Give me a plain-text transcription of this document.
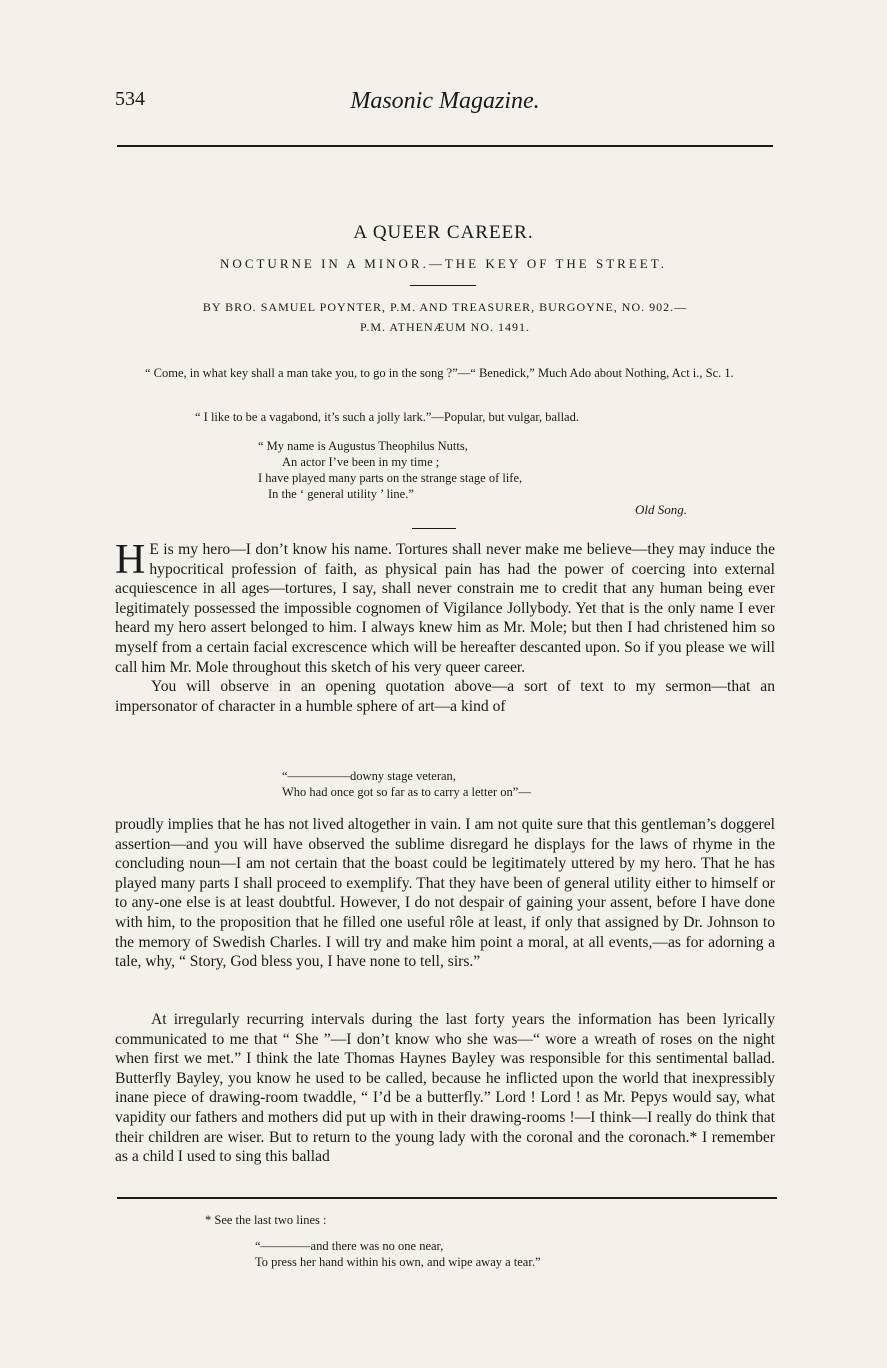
534	Masonic Magazine.
A QUEER CAREER.
NOCTURNE IN A MINOR.—THE KEY OF THE STREET.
BY BRO. SAMUEL POYNTER, P.M. AND TREASURER, BURGOYNE, NO. 902.—
P.M. ATHENÆUM NO. 1491.
“ Come, in what key shall a man take you, to go in the song ?”—“ Benedick,” Much Ado about Nothing, Act i., Sc. 1.
“ I like to be a vagabond, it’s such a jolly lark.”—Popular, but vulgar, ballad.
“ My name is Augustus Theophilus Nutts,
An actor I’ve been in my time ;
I have played many parts on the strange stage of life,
In the ‘ general utility ’ line.”
Old Song.
H E is my hero—I don’t know his name. Tortures shall never make me believe—they may induce the hypocritical profession of faith, as physical pain has had the power of coercing into external acquiescence in all ages—tortures, I say, shall never constrain me to credit that any human being ever legitimately possessed the impossible cognomen of Vigilance Jollybody. Yet that is the only name I ever heard my hero assert belonged to him. I always knew him as Mr. Mole; but then I had christened him so myself from a certain facial excrescence which will be hereafter descanted upon. So if you please we will call him Mr. Mole throughout this sketch of his very queer career.
You will observe in an opening quotation above—a sort of text to my sermon—that an impersonator of character in a humble sphere of art—a kind of
“—————downy stage veteran,
Who had once got so far as to carry a letter on”—
proudly implies that he has not lived altogether in vain. I am not quite sure that this gentleman’s doggerel assertion—and you will have observed the sublime disregard he displays for the laws of rhyme in the concluding noun—I am not certain that the boast could be legitimately uttered by my hero. That he has played many parts I shall proceed to exemplify. That they have been of general utility either to himself or to any-one else is at least doubtful. However, I do not despair of gaining your assent, before I have done with him, to the proposition that he filled one useful rôle at least, if only that assigned by Dr. Johnson to the memory of Swedish Charles. I will try and make him point a moral, at all events,—as for adorning a tale, why, “ Story, God bless you, I have none to tell, sirs.”
At irregularly recurring intervals during the last forty years the information has been lyrically communicated to me that “ She ”—I don’t know who she was—“ wore a wreath of roses on the night when first we met.” I think the late Thomas Haynes Bayley was responsible for this sentimental ballad. Butterfly Bayley, you know he used to be called, because he inflicted upon the world that inexpressibly inane piece of drawing-room twaddle, “ I’d be a butterfly.” Lord ! Lord ! as Mr. Pepys would say, what vapidity our fathers and mothers did put up with in their drawing-rooms !—I think—I really do think that their children are wiser. But to return to the young lady with the coronal and the coronach.* I remember as a child I used to sing this ballad
* See the last two lines :
“————and there was no one near,
To press her hand within his own, and wipe away a tear.”
